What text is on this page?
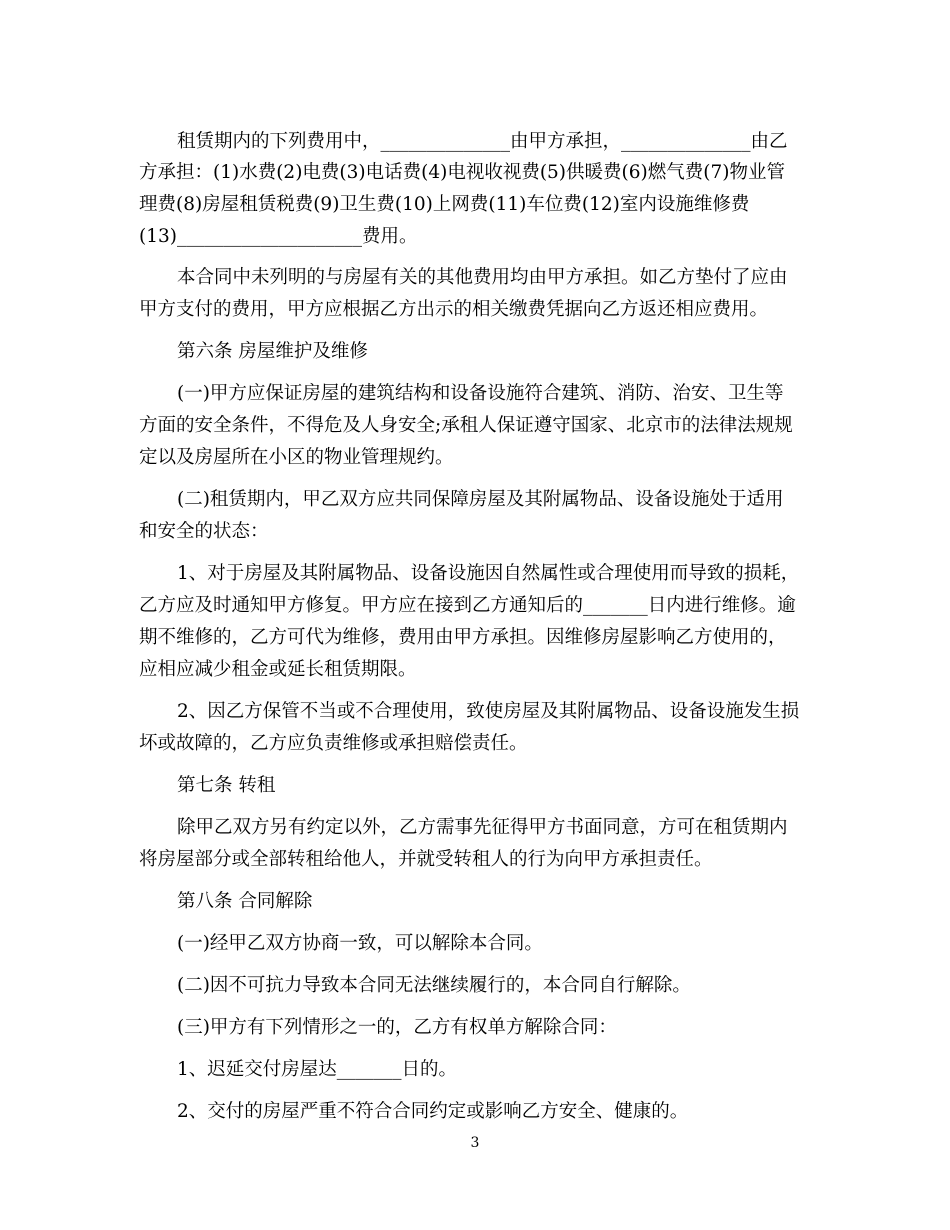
租赁期内的下列费用中，______________由甲方承担，______________由乙
方承担：(1)水费(2)电费(3)电话费(4)电视收视费(5)供暖费(6)燃气费(7)物业管
理费(8)房屋租赁税费(9)卫生费(10)上网费(11)车位费(12)室内设施维修费
(13)____________________费用。
本合同中未列明的与房屋有关的其他费用均由甲方承担。如乙方垫付了应由
甲方支付的费用，甲方应根据乙方出示的相关缴费凭据向乙方返还相应费用。
第六条 房屋维护及维修
(一)甲方应保证房屋的建筑结构和设备设施符合建筑、消防、治安、卫生等
方面的安全条件，不得危及人身安全;承租人保证遵守国家、北京市的法律法规规
定以及房屋所在小区的物业管理规约。
(二)租赁期内，甲乙双方应共同保障房屋及其附属物品、设备设施处于适用
和安全的状态：
1、对于房屋及其附属物品、设备设施因自然属性或合理使用而导致的损耗，
乙方应及时通知甲方修复。甲方应在接到乙方通知后的_______日内进行维修。逾
期不维修的，乙方可代为维修，费用由甲方承担。因维修房屋影响乙方使用的，
应相应减少租金或延长租赁期限。
2、因乙方保管不当或不合理使用，致使房屋及其附属物品、设备设施发生损
坏或故障的，乙方应负责维修或承担赔偿责任。
第七条 转租
除甲乙双方另有约定以外，乙方需事先征得甲方书面同意，方可在租赁期内
将房屋部分或全部转租给他人，并就受转租人的行为向甲方承担责任。
第八条 合同解除
(一)经甲乙双方协商一致，可以解除本合同。
(二)因不可抗力导致本合同无法继续履行的，本合同自行解除。
(三)甲方有下列情形之一的，乙方有权单方解除合同：
1、迟延交付房屋达_______日的。
2、交付的房屋严重不符合合同约定或影响乙方安全、健康的。
3
